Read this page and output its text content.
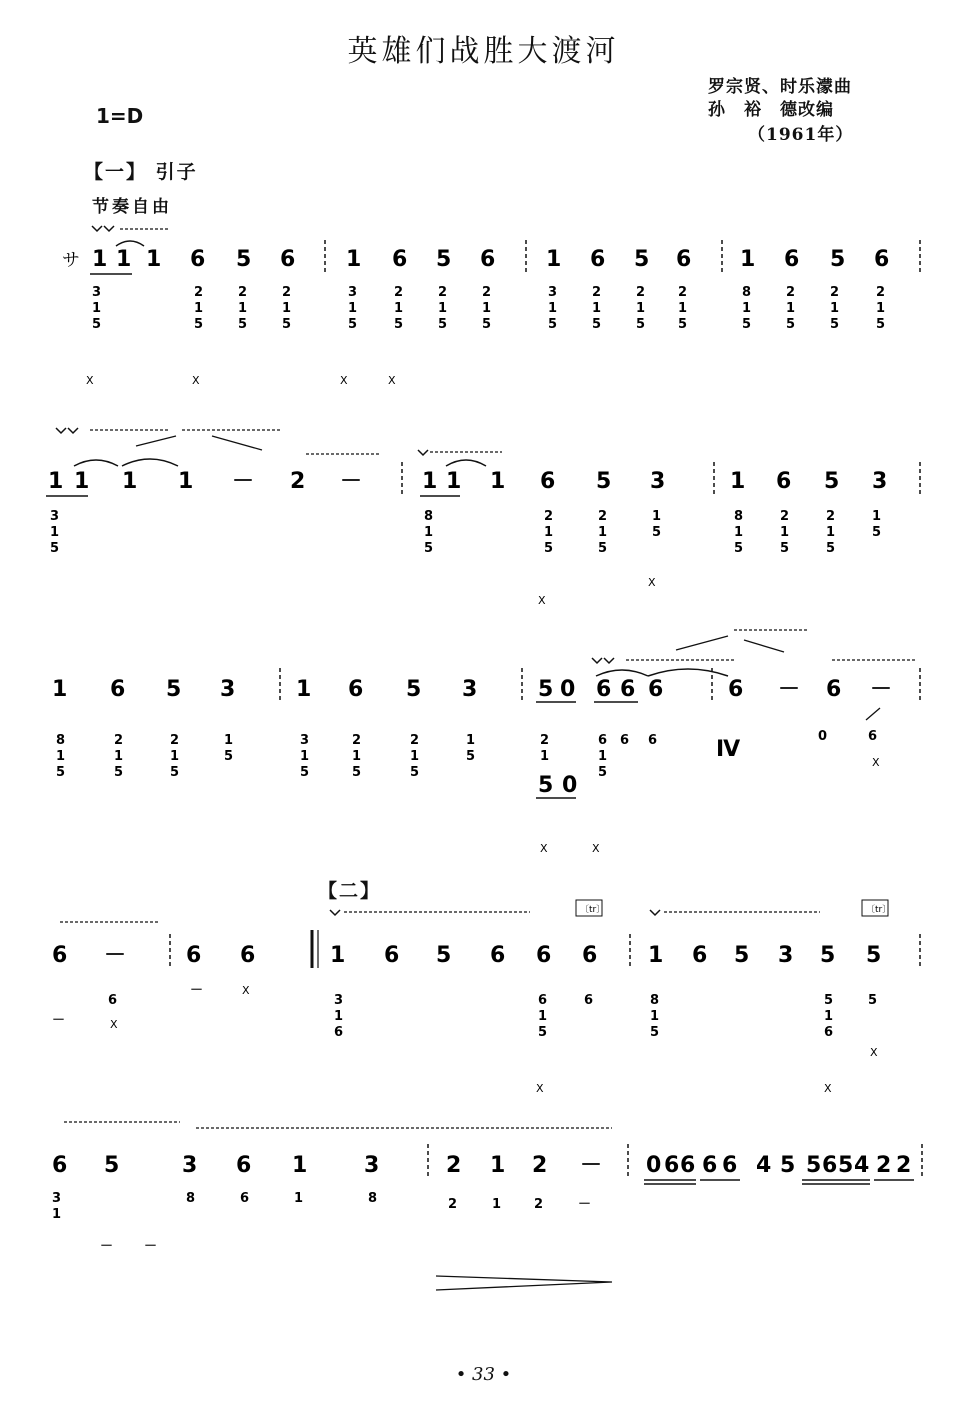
英雄们战胜大渡河
罗宗贤、时乐濛曲
孙　裕　德改编
（1961年）
1=D
【一】 引子
节奏自由
【二】
• 33 •
サ 1 1 1 6 5 6 1 6 5 6 1 6 5 6 1 6 5 6
3
1
5
2
1
5
2
1
5
2
1
5
3
1
5
2
1
5
2
1
5
2
1
5
3
1
5
2
1
5
2
1
5
2
1
5
8
1
5
2
1
5
2
1
5
2
1
5
X	X	X	X
1 1 1 1 － 2 －	1 1 1 6 5 3	1 6 5 3
3
1
5
8
1
5
2
1
5
2
1
5
1
5
8
1
5
2
1
5
2
1
5
1
5
X
X
1 6 5 3	1 6 5 3	5 0 6 6 6	6 － 6 －
8
1
5
2
1
5
2
1
5
1
5
3
1
5
2
1
5
2
1
5
1
5
2
1
6 6 6
1
5
0	6
5 0
Ⅳ
X	X
X
6 －	6 6	1 6 5 6 6 6
〔tr〕
1 6 5 3 5 5
〔tr〕
－
6
－
3
1
6
6
1
5
6	8
1
5
5
1
6
5
X
X
X	X
X
6 5	3 6 1	3	2 1 2 － 0 6 6 6 6 4 5 5 6 5 4 2 2
3
1
8	6	1	8	2	1	2	－
－ －
